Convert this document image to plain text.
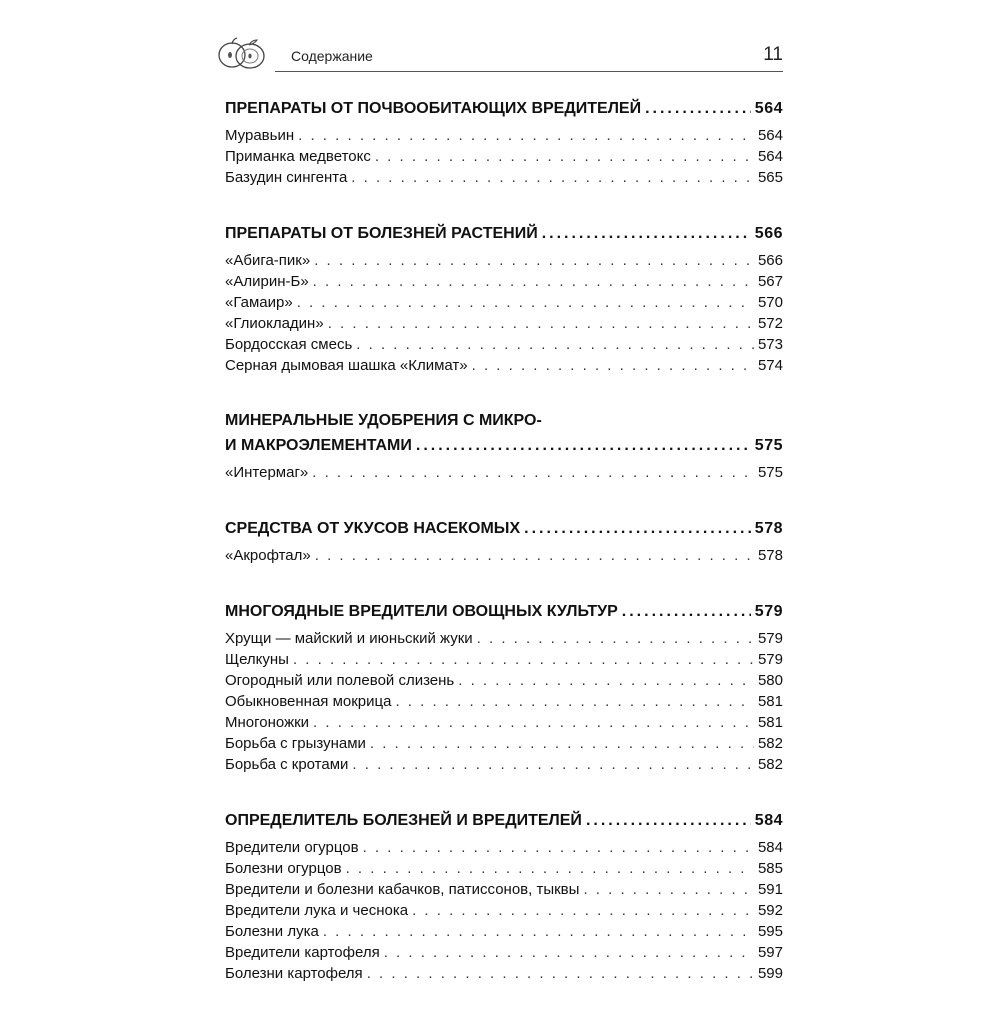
Содержание	11
ПРЕПАРАТЫ ОТ ПОЧВООБИТАЮЩИХ ВРЕДИТЕЛЕЙ .....	564
Муравьин . . .	564
Приманка медветокс . . .	564
Базудин сингента . . .	565
ПРЕПАРАТЫ ОТ БОЛЕЗНЕЙ РАСТЕНИЙ .....	566
«Абига-пик» . . .	566
«Алирин-Б» . . .	567
«Гамаир» . . .	570
«Глиокладин» . . .	572
Бордосская смесь . . .	573
Серная дымовая шашка «Климат» . . .	574
МИНЕРАЛЬНЫЕ УДОБРЕНИЯ С МИКРО-
И МАКРОЭЛЕМЕНТАМИ .....	575
«Интермаг» . . .	575
СРЕДСТВА ОТ УКУСОВ НАСЕКОМЫХ .....	578
«Акрофтал» . . .	578
МНОГОЯДНЫЕ ВРЕДИТЕЛИ ОВОЩНЫХ КУЛЬТУР .....	579
Хрущи — майский и июньский жуки . . .	579
Щелкуны . . .	579
Огородный или полевой слизень . . .	580
Обыкновенная мокрица . . .	581
Многоножки . . .	581
Борьба с грызунами . . .	582
Борьба с кротами . . .	582
ОПРЕДЕЛИТЕЛЬ БОЛЕЗНЕЙ И ВРЕДИТЕЛЕЙ .....	584
Вредители огурцов . . .	584
Болезни огурцов . . .	585
Вредители и болезни кабачков, патиссонов, тыквы . . .	591
Вредители лука и чеснока . . .	592
Болезни лука . . .	595
Вредители картофеля . . .	597
Болезни картофеля . . .	599
